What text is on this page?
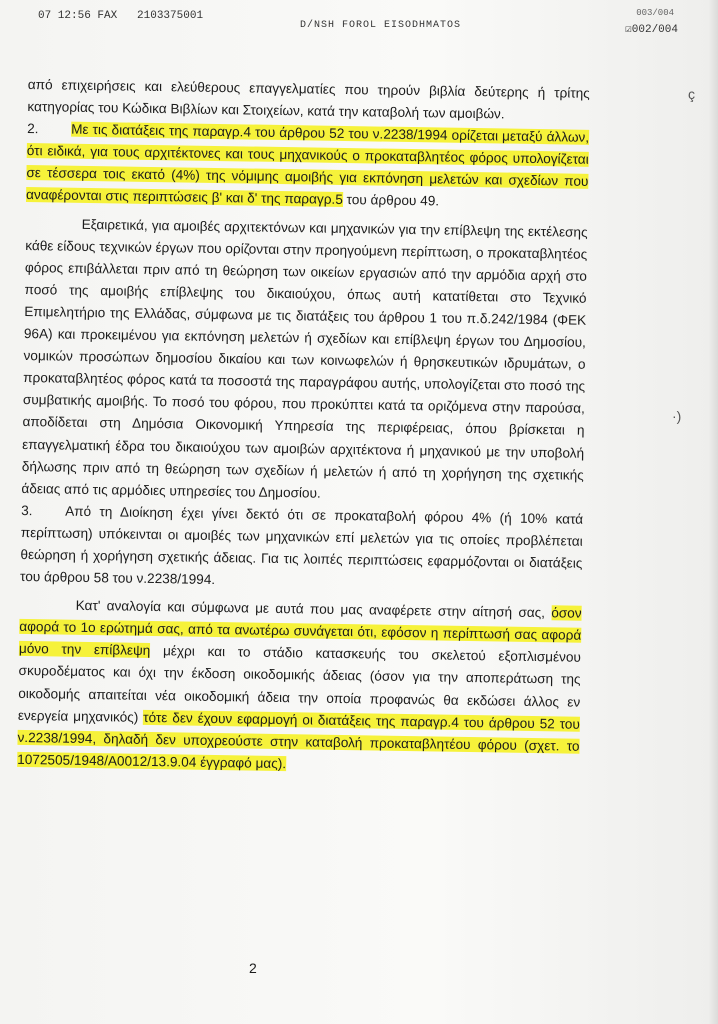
07 12:56 FAX 2103375001
D/NSH FOROL EISODHMATOS
003/004
☑002/004

από επιχειρήσεις και ελεύθερους επαγγελματίες που τηρούν βιβλία δεύτερης ή τρίτης κατηγορίας του Κώδικα Βιβλίων και Στοιχείων, κατά την καταβολή των αμοιβών.

2. Με τις διατάξεις της παραγρ.4 του άρθρου 52 του ν.2238/1994 ορίζεται μεταξύ άλλων, ότι ειδικά, για τους αρχιτέκτονες και τους μηχανικούς ο προκαταβλητέος φόρος υπολογίζεται σε τέσσερα τοις εκατό (4%) της νόμιμης αμοιβής για εκπόνηση μελετών και σχεδίων που αναφέρονται στις περιπτώσεις β' και δ' της παραγρ.5 του άρθρου 49.

Εξαιρετικά, για αμοιβές αρχιτεκτόνων και μηχανικών για την επίβλεψη της εκτέλεσης κάθε είδους τεχνικών έργων που ορίζονται στην προηγούμενη περίπτωση, ο προκαταβλητέος φόρος επιβάλλεται πριν από τη θεώρηση των οικείων εργασιών από την αρμόδια αρχή στο ποσό της αμοιβής επίβλεψης του δικαιούχου, όπως αυτή κατατίθεται στο Τεχνικό Επιμελητήριο της Ελλάδας, σύμφωνα με τις διατάξεις του άρθρου 1 του π.δ.242/1984 (ΦΕΚ 96Α) και προκειμένου για εκπόνηση μελετών ή σχεδίων και επίβλεψη έργων του Δημοσίου, νομικών προσώπων δημοσίου δικαίου και των κοινωφελών ή θρησκευτικών ιδρυμάτων, ο προκαταβλητέος φόρος κατά τα ποσοστά της παραγράφου αυτής, υπολογίζεται στο ποσό της συμβατικής αμοιβής. Το ποσό του φόρου, που προκύπτει κατά τα οριζόμενα στην παρούσα, αποδίδεται στη Δημόσια Οικονομική Υπηρεσία της περιφέρειας, όπου βρίσκεται η επαγγελματική έδρα του δικαιούχου των αμοιβών αρχιτέκτονα ή μηχανικού με την υποβολή δήλωσης πριν από τη θεώρηση των σχεδίων ή μελετών ή από τη χορήγηση της σχετικής άδειας από τις αρμόδιες υπηρεσίες του Δημοσίου.

3. Από τη Διοίκηση έχει γίνει δεκτό ότι σε προκαταβολή φόρου 4% (ή 10% κατά περίπτωση) υπόκεινται οι αμοιβές των μηχανικών επί μελετών για τις οποίες προβλέπεται θεώρηση ή χορήγηση σχετικής άδειας. Για τις λοιπές περιπτώσεις εφαρμόζονται οι διατάξεις του άρθρου 58 του ν.2238/1994.

Κατ' αναλογία και σύμφωνα με αυτά που μας αναφέρετε στην αίτησή σας, όσον αφορά το 1ο ερώτημά σας, από τα ανωτέρω συνάγεται ότι, εφόσον η περίπτωσή σας αφορά μόνο την επίβλεψη μέχρι και το στάδιο κατασκευής του σκελετού εξοπλισμένου σκυροδέματος και όχι την έκδοση οικοδομικής άδειας (όσον για την αποπεράτωση της οικοδομής απαιτείται νέα οικοδομική άδεια την οποία προφανώς θα εκδώσει άλλος εν ενεργεία μηχανικός) τότε δεν έχουν εφαρμογή οι διατάξεις της παραγρ.4 του άρθρου 52 του ν.2238/1994, δηλαδή δεν υποχρεούστε στην καταβολή προκαταβλητέου φόρου (σχετ. το 1072505/1948/Α0012/13.9.04 έγγραφό μας).

ç
·)
2
